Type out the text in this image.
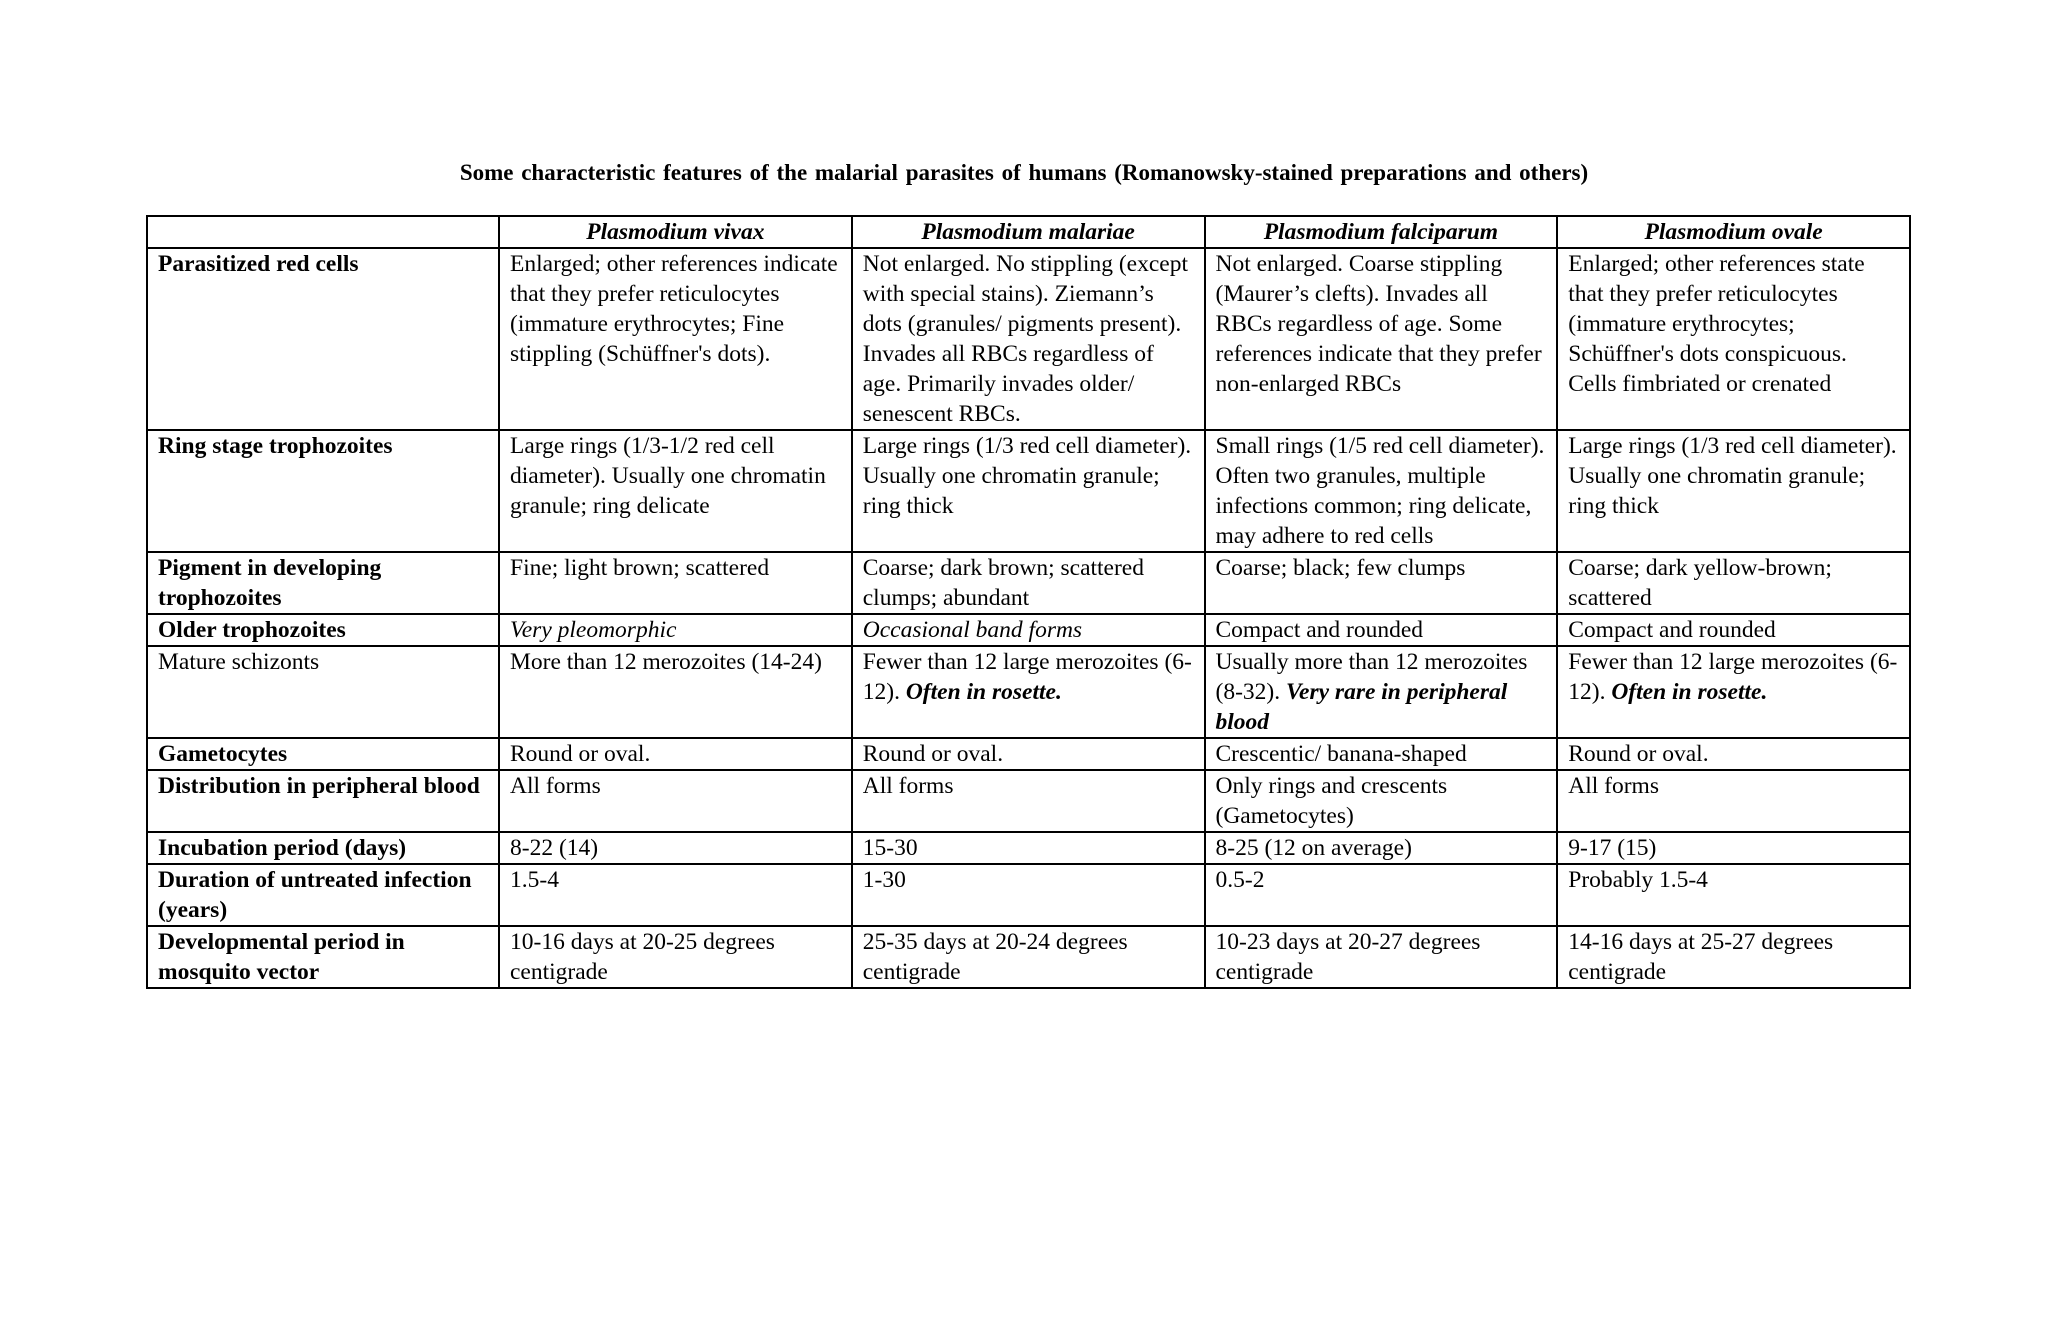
Some characteristic features of the malarial parasites of humans (Romanowsky-stained preparations and others)
	Plasmodium vivax	Plasmodium malariae	Plasmodium falciparum	Plasmodium ovale
Parasitized red cells	Enlarged; other references indicate that they prefer reticulocytes (immature erythrocytes; Fine stippling (Schüffner's dots).	Not enlarged. No stippling (except with special stains). Ziemann’s dots (granules/ pigments present). Invades all RBCs regardless of age. Primarily invades older/ senescent RBCs.	Not enlarged. Coarse stippling (Maurer’s clefts). Invades all RBCs regardless of age. Some references indicate that they prefer non-enlarged RBCs	Enlarged; other references state that they prefer reticulocytes (immature erythrocytes; Schüffner's dots conspicuous. Cells fimbriated or crenated
Ring stage trophozoites	Large rings (1/3-1/2 red cell diameter). Usually one chromatin granule; ring delicate	Large rings (1/3 red cell diameter). Usually one chromatin granule; ring thick	Small rings (1/5 red cell diameter). Often two granules, multiple infections common; ring delicate, may adhere to red cells	Large rings (1/3 red cell diameter). Usually one chromatin granule; ring thick
Pigment in developing trophozoites	Fine; light brown; scattered	Coarse; dark brown; scattered clumps; abundant	Coarse; black; few clumps	Coarse; dark yellow-brown; scattered
Older trophozoites	Very pleomorphic	Occasional band forms	Compact and rounded	Compact and rounded
Mature schizonts	More than 12 merozoites (14-24)	Fewer than 12 large merozoites (6-12). Often in rosette.	Usually more than 12 merozoites (8-32). Very rare in peripheral blood	Fewer than 12 large merozoites (6-12). Often in rosette.
Gametocytes	Round or oval.	Round or oval.	Crescentic/ banana-shaped	Round or oval.
Distribution in peripheral blood	All forms	All forms	Only rings and crescents (Gametocytes)	All forms
Incubation period (days)	8-22 (14)	15-30	8-25 (12 on average)	9-17 (15)
Duration of untreated infection (years)	1.5-4	1-30	0.5-2	Probably 1.5-4
Developmental period in mosquito vector	10-16 days at 20-25 degrees centigrade	25-35 days at 20-24 degrees centigrade	10-23 days at 20-27 degrees centigrade	14-16 days at 25-27 degrees centigrade
